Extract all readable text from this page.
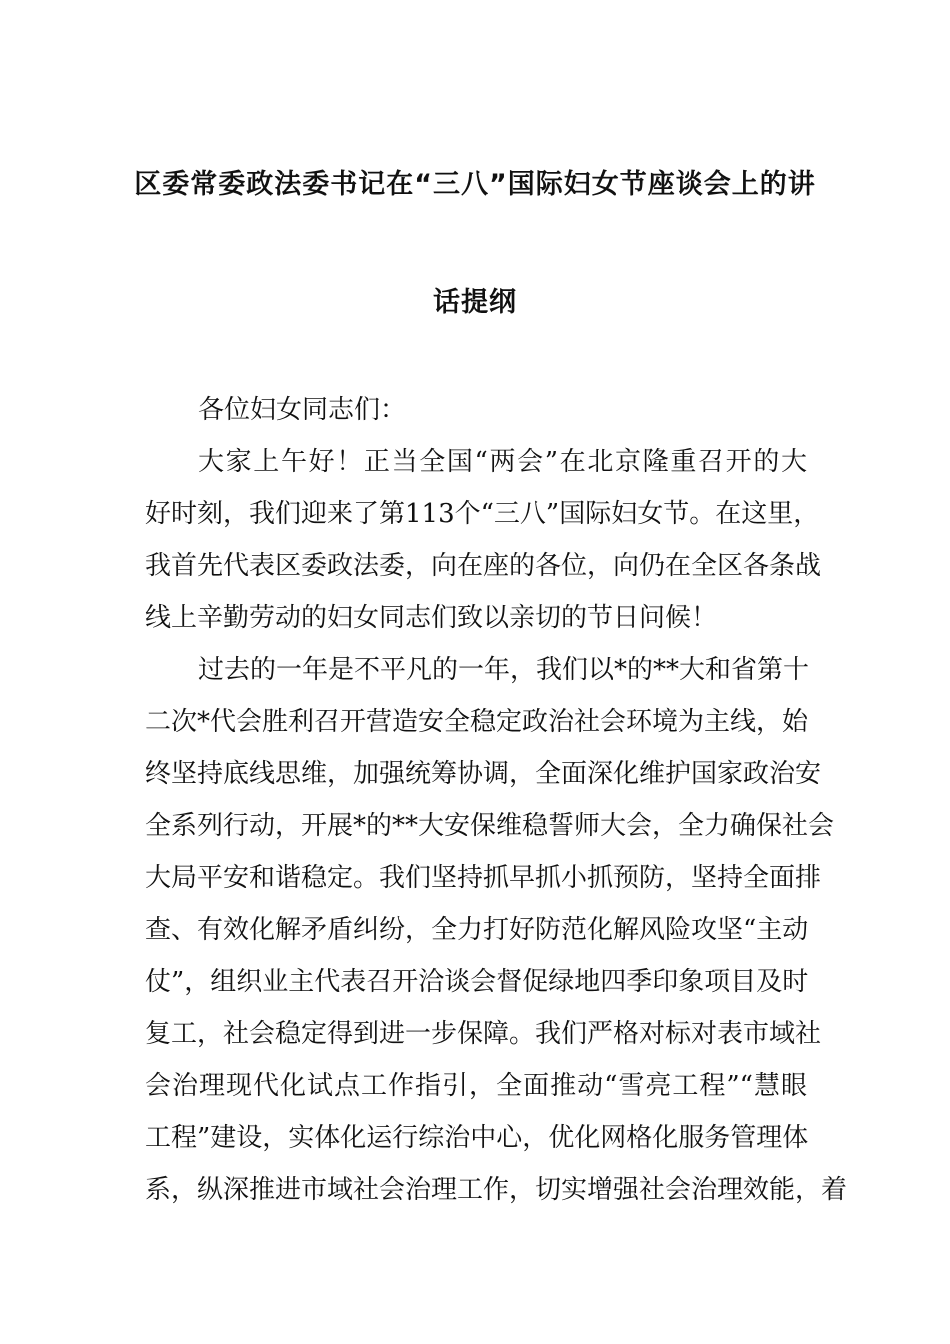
区委常委政法委书记在“三八”国际妇女节座谈会上的讲
话提纲
各位妇女同志们：
大家上午好！正当全国“两会”在北京隆重召开的大
好时刻，我们迎来了第113个“三八”国际妇女节。在这里，
我首先代表区委政法委，向在座的各位，向仍在全区各条战
线上辛勤劳动的妇女同志们致以亲切的节日问候！
过去的一年是不平凡的一年，我们以*的**大和省第十
二次*代会胜利召开营造安全稳定政治社会环境为主线，始
终坚持底线思维，加强统筹协调，全面深化维护国家政治安
全系列行动，开展*的**大安保维稳誓师大会，全力确保社会
大局平安和谐稳定。我们坚持抓早抓小抓预防，坚持全面排
查、有效化解矛盾纠纷，全力打好防范化解风险攻坚“主动
仗”，组织业主代表召开洽谈会督促绿地四季印象项目及时
复工，社会稳定得到进一步保障。我们严格对标对表市域社
会治理现代化试点工作指引，全面推动“雪亮工程”“慧眼
工程”建设，实体化运行综治中心，优化网格化服务管理体
系，纵深推进市域社会治理工作，切实增强社会治理效能，着
